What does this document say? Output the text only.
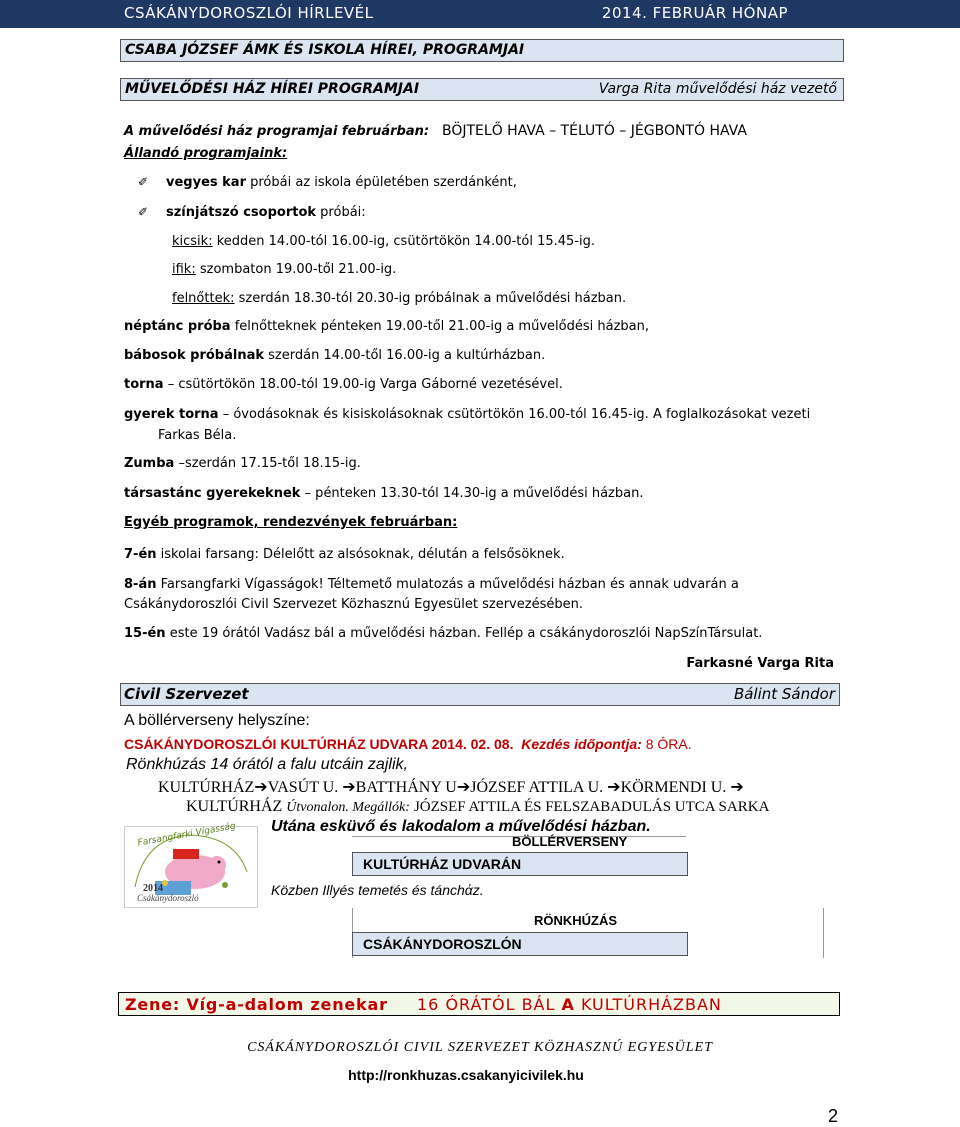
CSÁKÁNYDOROSZLÓI HÍRLEVÉL	2014. FEBRUÁR HÓNAP
CSABA JÓZSEF ÁMK ÉS ISKOLA HÍREI, PROGRAMJAI
MŰVELŐDÉSI HÁZ HÍREI PROGRAMJAI	Varga Rita művelődési ház vezető
A művelődési ház programjai februárban: BÖJTELŐ HAVA – TÉLUTÓ – JÉGBONTÓ HAVA
Állandó programjaink:
✐ vegyes kar próbái az iskola épületében szerdánként,
✐ színjátszó csoportok próbái:
kicsik: kedden 14.00-tól 16.00-ig, csütörtökön 14.00-tól 15.45-ig.
ifik: szombaton 19.00-től 21.00-ig.
felnőttek: szerdán 18.30-tól 20.30-ig próbálnak a művelődési házban.
néptánc próba felnőtteknek pénteken 19.00-től 21.00-ig a művelődési házban,
bábosok próbálnak szerdán 14.00-től 16.00-ig a kultúrházban.
torna – csütörtökön 18.00-tól 19.00-ig Varga Gáborné vezetésével.
gyerek torna – óvodásoknak és kisiskolásoknak csütörtökön 16.00-tól 16.45-ig. A foglalkozásokat vezeti
Farkas Béla.
Zumba –szerdán 17.15-től 18.15-ig.
társastánc gyerekeknek – pénteken 13.30-tól 14.30-ig a művelődési házban.
Egyéb programok, rendezvények februárban:
7-én iskolai farsang: Délelőtt az alsósoknak, délután a felsősöknek.
8-án Farsangfarki Vígasságok! Téltemető mulatozás a művelődési házban és annak udvarán a
Csákánydoroszlói Civil Szervezet Közhasznú Egyesület szervezésében.
15-én este 19 órától Vadász bál a művelődési házban. Fellép a csákánydoroszlói NapSzínTársulat.
Farkasné Varga Rita
Civil Szervezet	Bálint Sándor
A böllérverseny helyszíne:
CSÁKÁNYDOROSZLÓI KULTÚRHÁZ UDVARA 2014. 02. 08. Kezdés időpontja: 8 ÓRA.
Rönkhúzás 14 órától a falu utcáin zajlik,
KULTÚRHÁZ➔VASÚT U. ➔BATTHÁNY U➔JÓZSEF ATTILA U. ➔KÖRMENDI U. ➔
KULTÚRHÁZ Útvonalon. Megállók: JÓZSEF ATTILA ÉS FELSZABADULÁS UTCA SARKA
Farsangfarki Vígasság
2014
Csákánydoroszló
Utána esküvő és lakodalom a művelődési házban.
BÖLLÉRVERSENY
KULTÚRHÁZ UDVARÁN
Közben Illyés temetés és tánchάz.
RÖNKHÚZÁS
CSÁKÁNYDOROSZLÓN
Zene: Víg-a-dalom zenekar 16 ÓRÁTÓL BÁL A KULTÚRHÁZBAN
CSÁKÁNYDOROSZLÓI CIVIL SZERVEZET KÖZHASZNÚ EGYESÜLET
http://ronkhuzas.csakanyicivilek.hu
2
